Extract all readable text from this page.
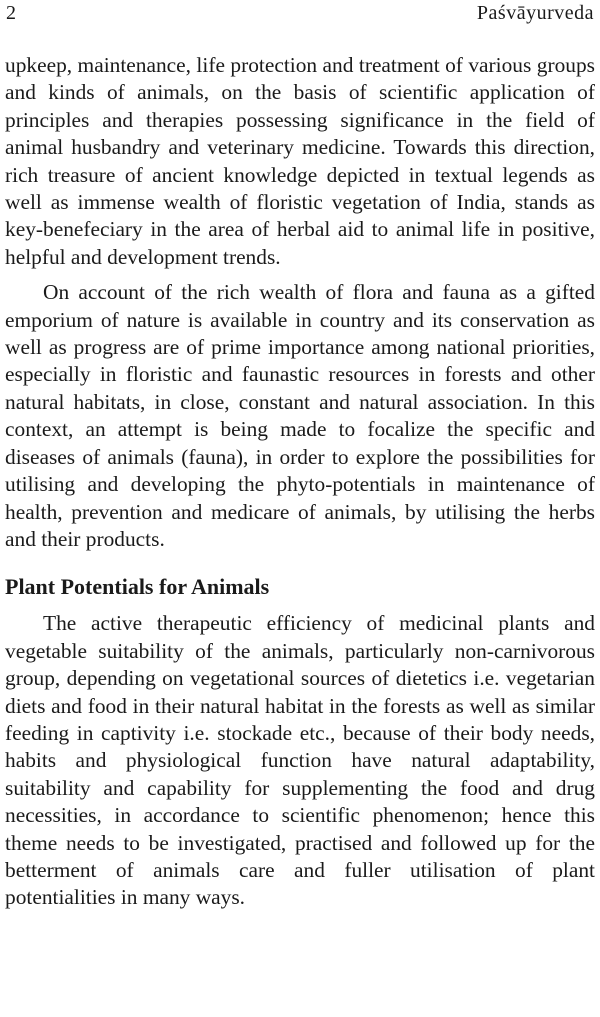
2	Paśvāyurveda

upkeep, maintenance, life protection and treatment of various groups and kinds of animals, on the basis of scientific application of principles and therapies possessing significance in the field of animal husbandry and veterinary medicine. Towards this direction, rich treasure of ancient knowledge depicted in textual legends as well as immense wealth of floristic vegetation of India, stands as key-benefeciary in the area of herbal aid to animal life in positive, helpful and development trends.

On account of the rich wealth of flora and fauna as a gifted emporium of nature is available in country and its conservation as well as progress are of prime importance among national priorities, especially in floristic and faunastic resources in forests and other natural habitats, in close, constant and natural association. In this context, an attempt is being made to focalize the specific and diseases of animals (fauna), in order to explore the possibilities for utilising and developing the phyto-potentials in maintenance of health, prevention and medicare of animals, by utilising the herbs and their products.

Plant Potentials for Animals

The active therapeutic efficiency of medicinal plants and vegetable suitability of the animals, particularly non-carnivorous group, depending on vegetational sources of dietetics i.e. vegetarian diets and food in their natural habitat in the forests as well as similar feeding in captivity i.e. stockade etc., because of their body needs, habits and physiological function have natural adaptability, suitability and capability for supplementing the food and drug necessities, in accordance to scientific phenomenon; hence this theme needs to be investigated, practised and followed up for the betterment of animals care and fuller utilisation of plant potentialities in many ways.
